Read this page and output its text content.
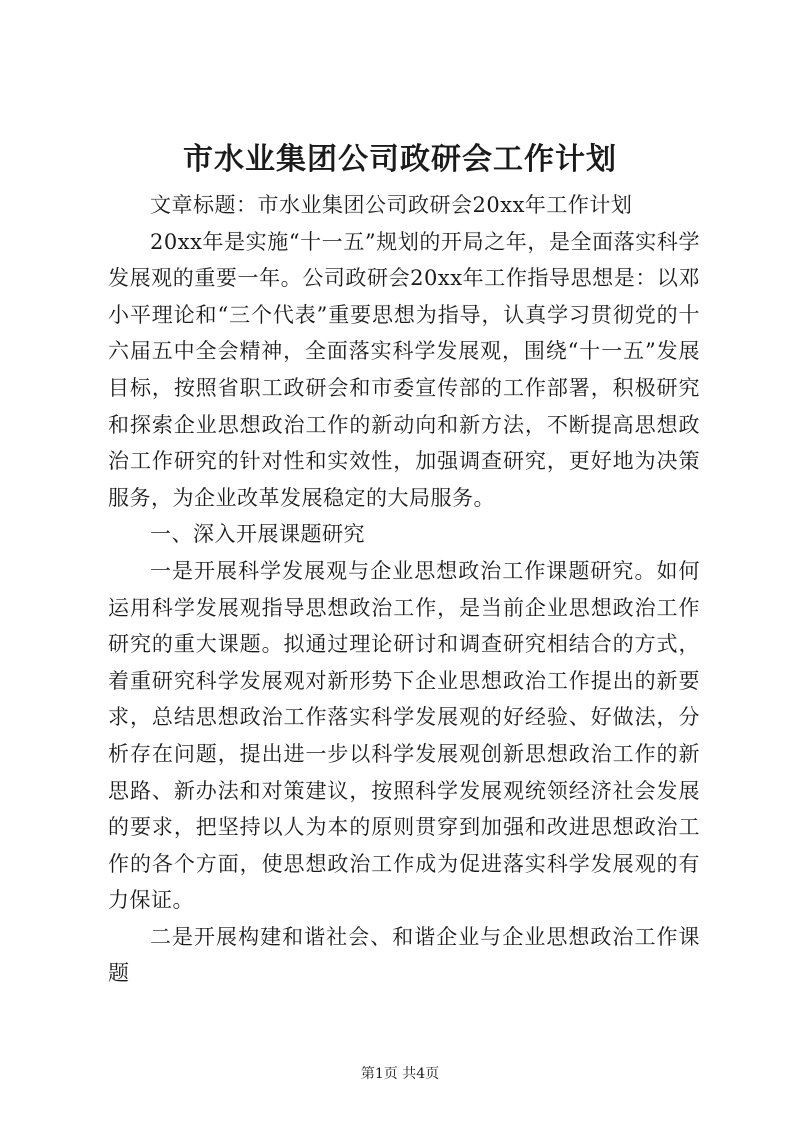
市水业集团公司政研会工作计划

文章标题：市水业集团公司政研会20xx年工作计划

20xx年是实施“十一五”规划的开局之年，是全面落实科学发展观的重要一年。公司政研会20xx年工作指导思想是：以邓小平理论和“三个代表”重要思想为指导，认真学习贯彻党的十六届五中全会精神，全面落实科学发展观，围绕“十一五”发展目标，按照省职工政研会和市委宣传部的工作部署，积极研究和探索企业思想政治工作的新动向和新方法，不断提高思想政治工作研究的针对性和实效性，加强调查研究，更好地为决策服务，为企业改革发展稳定的大局服务。

一、深入开展课题研究

一是开展科学发展观与企业思想政治工作课题研究。如何运用科学发展观指导思想政治工作，是当前企业思想政治工作研究的重大课题。拟通过理论研讨和调查研究相结合的方式，着重研究科学发展观对新形势下企业思想政治工作提出的新要求，总结思想政治工作落实科学发展观的好经验、好做法，分析存在问题，提出进一步以科学发展观创新思想政治工作的新思路、新办法和对策建议，按照科学发展观统领经济社会发展的要求，把坚持以人为本的原则贯穿到加强和改进思想政治工作的各个方面，使思想政治工作成为促进落实科学发展观的有力保证。

二是开展构建和谐社会、和谐企业与企业思想政治工作课题

第1页 共4页
